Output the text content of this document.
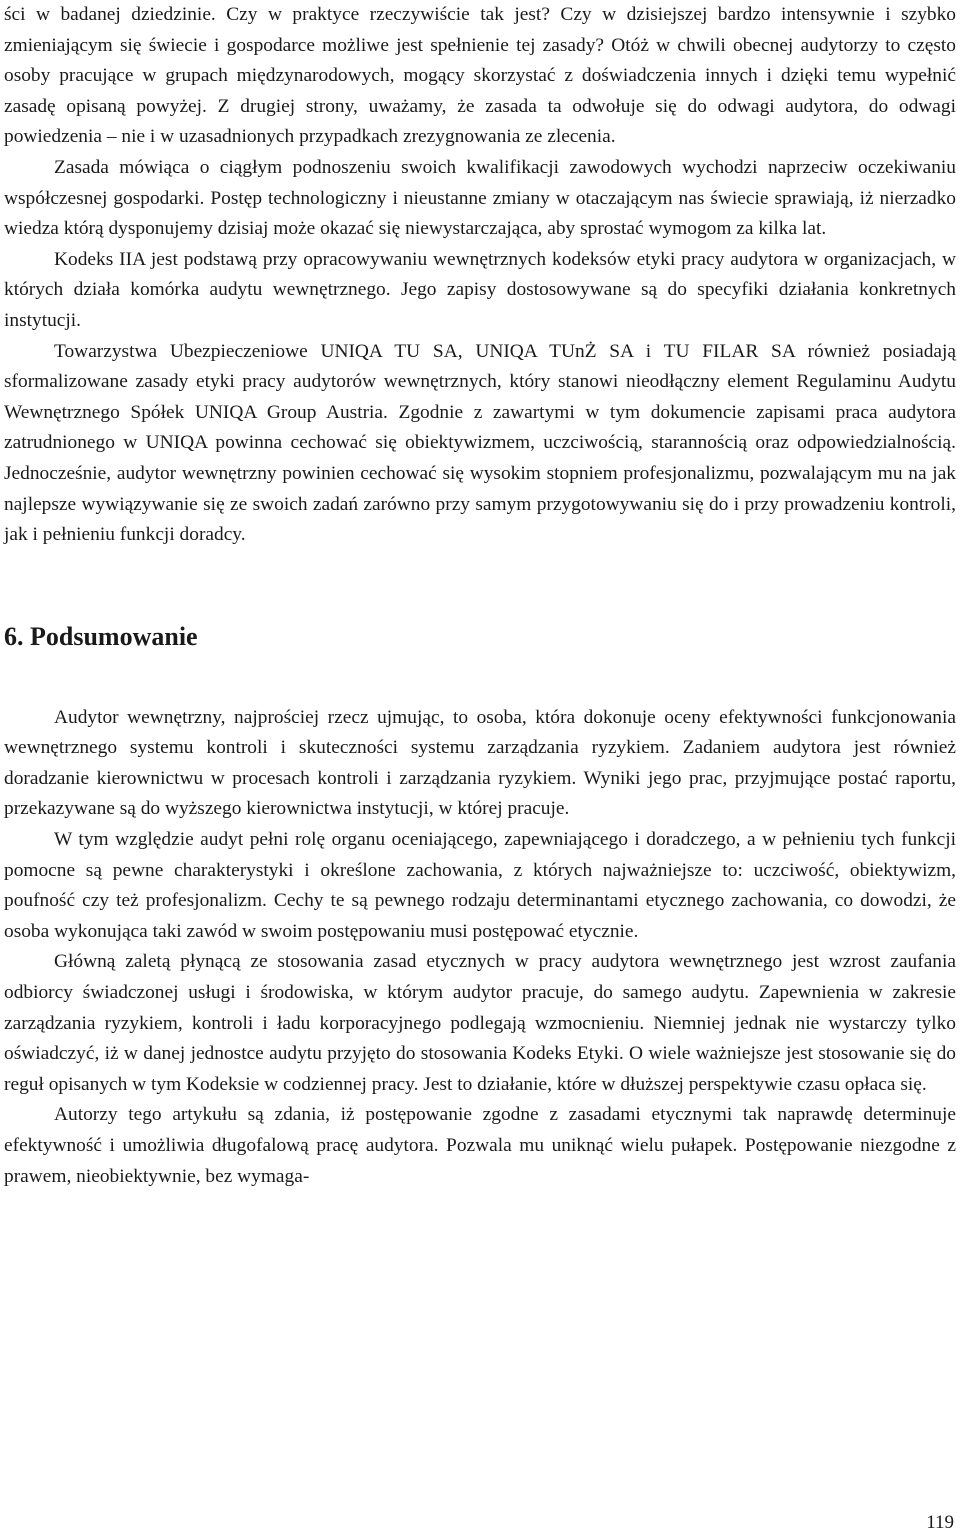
ści w badanej dziedzinie. Czy w praktyce rzeczywiście tak jest? Czy w dzisiejszej bardzo intensywnie i szybko zmieniającym się świecie i gospodarce możliwe jest spełnienie tej zasady? Otóż w chwili obecnej audytorzy to często osoby pracujące w grupach międzynarodowych, mogący skorzystać z doświadczenia innych i dzięki temu wypełnić zasadę opisaną powyżej. Z drugiej strony, uważamy, że zasada ta odwołuje się do odwagi audytora, do odwagi powiedzenia – nie i w uzasadnionych przypadkach zrezygnowania ze zlecenia.

Zasada mówiąca o ciągłym podnoszeniu swoich kwalifikacji zawodowych wychodzi naprzeciw oczekiwaniu współczesnej gospodarki. Postęp technologiczny i nieustanne zmiany w otaczającym nas świecie sprawiają, iż nierzadko wiedza którą dysponujemy dzisiaj może okazać się niewystarczająca, aby sprostać wymogom za kilka lat.

Kodeks IIA jest podstawą przy opracowywaniu wewnętrznych kodeksów etyki pracy audytora w organizacjach, w których działa komórka audytu wewnętrznego. Jego zapisy dostosowywane są do specyfiki działania konkretnych instytucji.

Towarzystwa Ubezpieczeniowe UNIQA TU SA, UNIQA TUnŻ SA i TU FILAR SA również posiadają sformalizowane zasady etyki pracy audytorów wewnętrznych, który stanowi nieodłączny element Regulaminu Audytu Wewnętrznego Spółek UNIQA Group Austria. Zgodnie z zawartymi w tym dokumencie zapisami praca audytora zatrudnionego w UNIQA powinna cechować się obiektywizmem, uczciwością, starannością oraz odpowiedzialnością. Jednocześnie, audytor wewnętrzny powinien cechować się wysokim stopniem profesjonalizmu, pozwalającym mu na jak najlepsze wywiązywanie się ze swoich zadań zarówno przy samym przygotowywaniu się do i przy prowadzeniu kontroli, jak i pełnieniu funkcji doradcy.

6. Podsumowanie

Audytor wewnętrzny, najprościej rzecz ujmując, to osoba, która dokonuje oceny efektywności funkcjonowania wewnętrznego systemu kontroli i skuteczności systemu zarządzania ryzykiem. Zadaniem audytora jest również doradzanie kierownictwu w procesach kontroli i zarządzania ryzykiem. Wyniki jego prac, przyjmujące postać raportu, przekazywane są do wyższego kierownictwa instytucji, w której pracuje.

W tym względzie audyt pełni rolę organu oceniającego, zapewniającego i doradczego, a w pełnieniu tych funkcji pomocne są pewne charakterystyki i określone zachowania, z których najważniejsze to: uczciwość, obiektywizm, poufność czy też profesjonalizm. Cechy te są pewnego rodzaju determinantami etycznego zachowania, co dowodzi, że osoba wykonująca taki zawód w swoim postępowaniu musi postępować etycznie.

Główną zaletą płynącą ze stosowania zasad etycznych w pracy audytora wewnętrznego jest wzrost zaufania odbiorcy świadczonej usługi i środowiska, w którym audytor pracuje, do samego audytu. Zapewnienia w zakresie zarządzania ryzykiem, kontroli i ładu korporacyjnego podlegają wzmocnieniu. Niemniej jednak nie wystarczy tylko oświadczyć, iż w danej jednostce audytu przyjęto do stosowania Kodeks Etyki. O wiele ważniejsze jest stosowanie się do reguł opisanych w tym Kodeksie w codziennej pracy. Jest to działanie, które w dłuższej perspektywie czasu opłaca się.

Autorzy tego artykułu są zdania, iż postępowanie zgodne z zasadami etycznymi tak naprawdę determinuje efektywność i umożliwia długofalową pracę audytora. Pozwala mu uniknąć wielu pułapek. Postępowanie niezgodne z prawem, nieobiektywnie, bez wymaga-

119
